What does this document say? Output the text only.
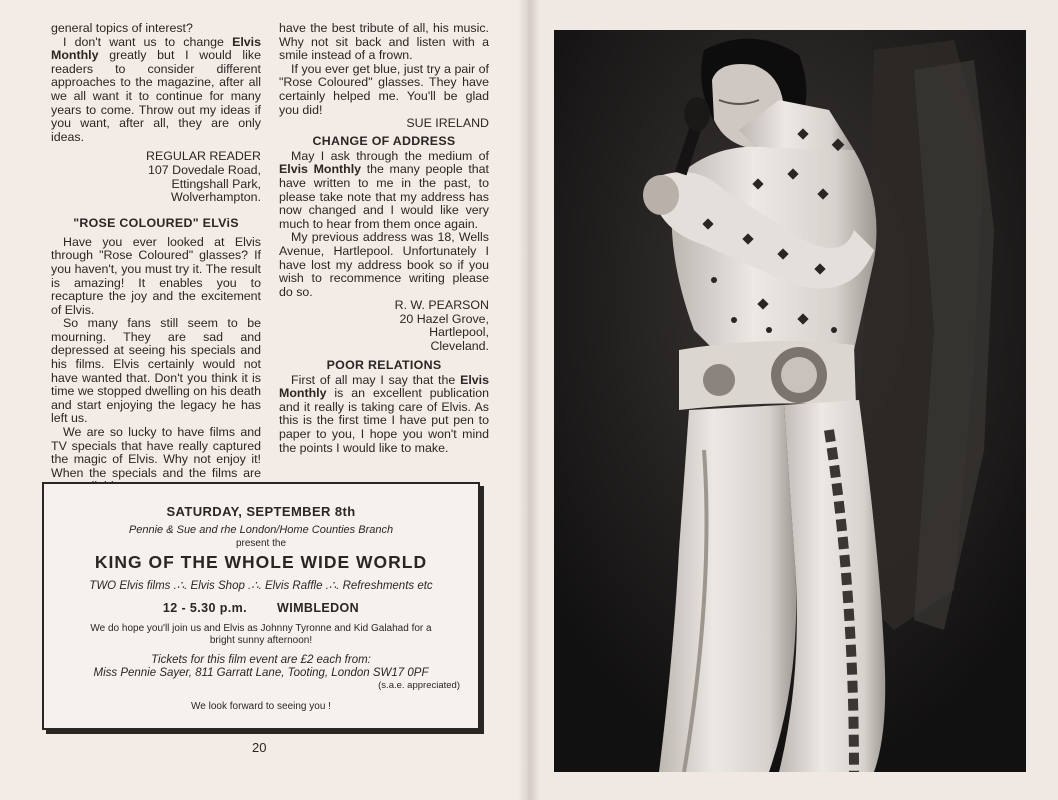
general topics of interest?

I don't want us to change Elvis Monthly greatly but I would like readers to consider different approaches to the magazine, after all we all want it to continue for many years to come. Throw out my ideas if you want, after all, they are only ideas.

REGULAR READER

107 Dovedale Road,

Ettingshall Park,

Wolverhampton.

"ROSE COLOURED" ELViS

Have you ever looked at Elvis through "Rose Coloured" glasses? If you haven't, you must try it. The result is amazing! It enables you to recapture the joy and the excitement of Elvis.

So many fans still seem to be mourning. They are sad and depressed at seeing his specials and his films. Elvis certainly would not have wanted that. Don't you think it is time we stopped dwelling on his death and start enjoying the legacy he has left us.

We are so lucky to have films and TV specials that have really captured the magic of Elvis. Why not enjoy it! When the specials and the films are

have the best tribute of all, his music. Why not sit back and listen with a smile instead of a frown.

If you ever get blue, just try a pair of "Rose Coloured" glasses. They have certainly helped me. You'll be glad you did!

SUE IRELAND

CHANGE OF ADDRESS

May I ask through the medium of Elvis Monthly the many people that have written to me in the past, to please take note that my address has now changed and I would like very much to hear from them once again.

My previous address was 18, Wells Avenue, Hartlepool. Unfortunately I have lost my address book so if you wish to recommence writing please do so.

R. W. PEARSON

20 Hazel Grove,

Hartlepool,

Cleveland.

POOR RELATIONS

First of all may I say that the Elvis Monthly is an excellent publication and it really is taking care of Elvis. As this is the first time I have put pen to paper to you, I hope you won't mind the points I would like to make.

SATURDAY, SEPTEMBER 8th
Pennie & Sue and rhe London/Home Counties Branch
present the
KING OF THE WHOLE WIDE WORLD
TWO Elvis films .∴. Elvis Shop .∴. Elvis Raffle .∴. Refreshments etc
12 - 5.30 p.m. WIMBLEDON
We do hope you'll join us and Elvis as Johnny Tyronne and Kid Galahad for a bright sunny afternoon!
Tickets for this film event are £2 each from:
Miss Pennie Sayer, 811 Garratt Lane, Tooting, London SW17 0PF
(s.a.e. appreciated)
We look forward to seeing you !
20
